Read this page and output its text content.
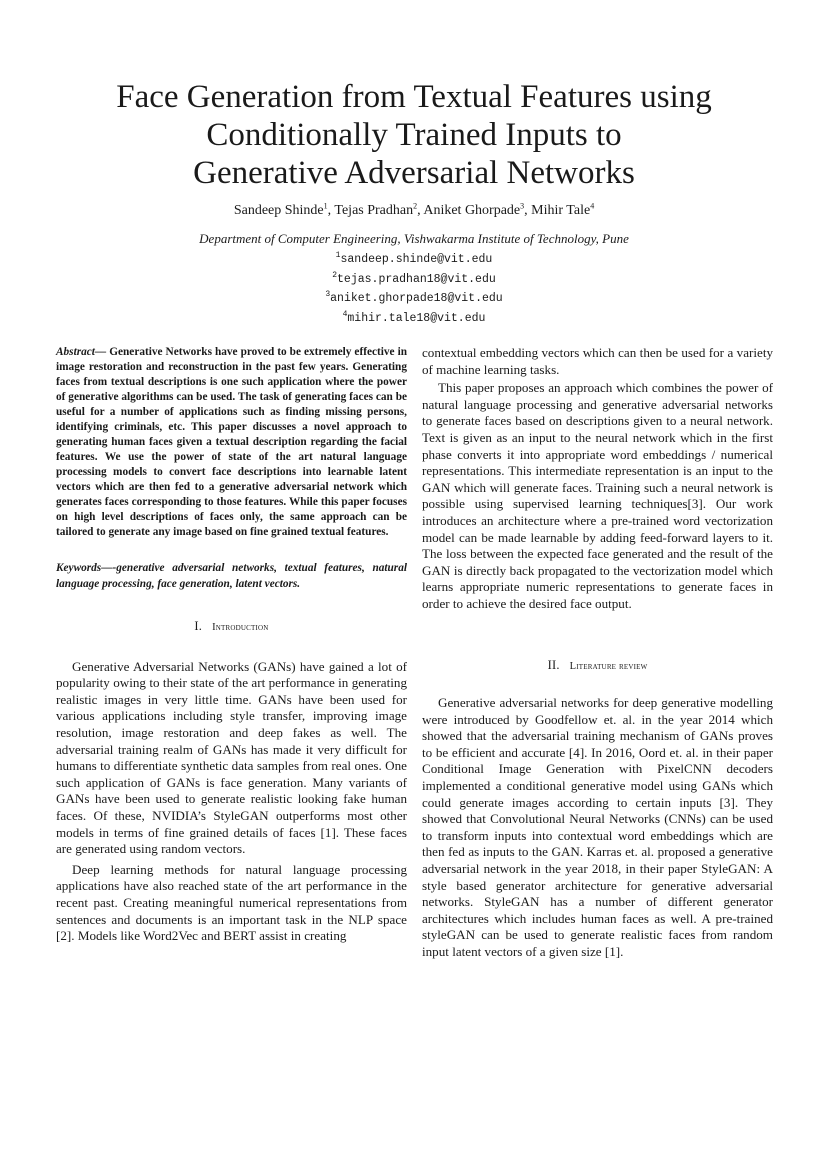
Face Generation from Textual Features using
Conditionally Trained Inputs to
Generative Adversarial Networks
Sandeep Shinde$^1$, Tejas Pradhan$^2$, Aniket Ghorpade$^3$, Mihir Tale$^4$
Department of Computer Engineering, Vishwakarma Institute of Technology, Pune
$^1$sandeep.shinde@vit.edu
$^2$tejas.pradhan18@vit.edu
$^3$aniket.ghorpade18@vit.edu
$^4$mihir.tale18@vit.edu

Abstract— Generative Networks have proved to be extremely effective in image restoration and reconstruction in the past few years. Generating faces from textual descriptions is one such application where the power of generative algorithms can be used. The task of generating faces can be useful for a number of applications such as finding missing persons, identifying criminals, etc. This paper discusses a novel approach to generating human faces given a textual description regarding the facial features. We use the power of state of the art natural language processing models to convert face descriptions into learnable latent vectors which are then fed to a generative adversarial network which generates faces corresponding to those features. While this paper focuses on high level descriptions of faces only, the same approach can be tailored to generate any image based on fine grained textual features.

Keywords—-generative adversarial networks, textual features, natural language processing, face generation, latent vectors.

I. Introduction

Generative Adversarial Networks (GANs) have gained a lot of popularity owing to their state of the art performance in generating realistic images in very little time. GANs have been used for various applications including style transfer, improving image resolution, image restoration and deep fakes as well. The adversarial training realm of GANs has made it very difficult for humans to differentiate synthetic data samples from real ones. One such application of GANs is face generation. Many variants of GANs have been used to generate realistic looking fake human faces. Of these, NVIDIA’s StyleGAN outperforms most other models in terms of fine grained details of faces [1]. These faces are generated using random vectors.

Deep learning methods for natural language processing applications have also reached state of the art performance in the recent past. Creating meaningful numerical representations from sentences and documents is an important task in the NLP space [2]. Models like Word2Vec and BERT assist in creating

contextual embedding vectors which can then be used for a variety of machine learning tasks.

This paper proposes an approach which combines the power of natural language processing and generative adversarial networks to generate faces based on descriptions given to a neural network. Text is given as an input to the neural network which in the first phase converts it into appropriate word embeddings / numerical representations. This intermediate representation is an input to the GAN which will generate faces. Training such a neural network is possible using supervised learning techniques[3]. Our work introduces an architecture where a pre-trained word vectorization model can be made learnable by adding feed-forward layers to it. The loss between the expected face generated and the result of the GAN is directly back propagated to the vectorization model which learns appropriate numeric representations to generate faces in order to achieve the desired face output.

II. Literature review

Generative adversarial networks for deep generative modelling were introduced by Goodfellow et. al. in the year 2014 which showed that the adversarial training mechanism of GANs proves to be efficient and accurate [4]. In 2016, Oord et. al. in their paper Conditional Image Generation with PixelCNN decoders implemented a conditional generative model using GANs which could generate images according to certain inputs [3]. They showed that Convolutional Neural Networks (CNNs) can be used to transform inputs into contextual word embeddings which are then fed as inputs to the GAN. Karras et. al. proposed a generative adversarial network in the year 2018, in their paper StyleGAN: A style based generator architecture for generative adversarial networks. StyleGAN has a number of different generator architectures which includes human faces as well. A pre-trained styleGAN can be used to generate realistic faces from random input latent vectors of a given size [1].
